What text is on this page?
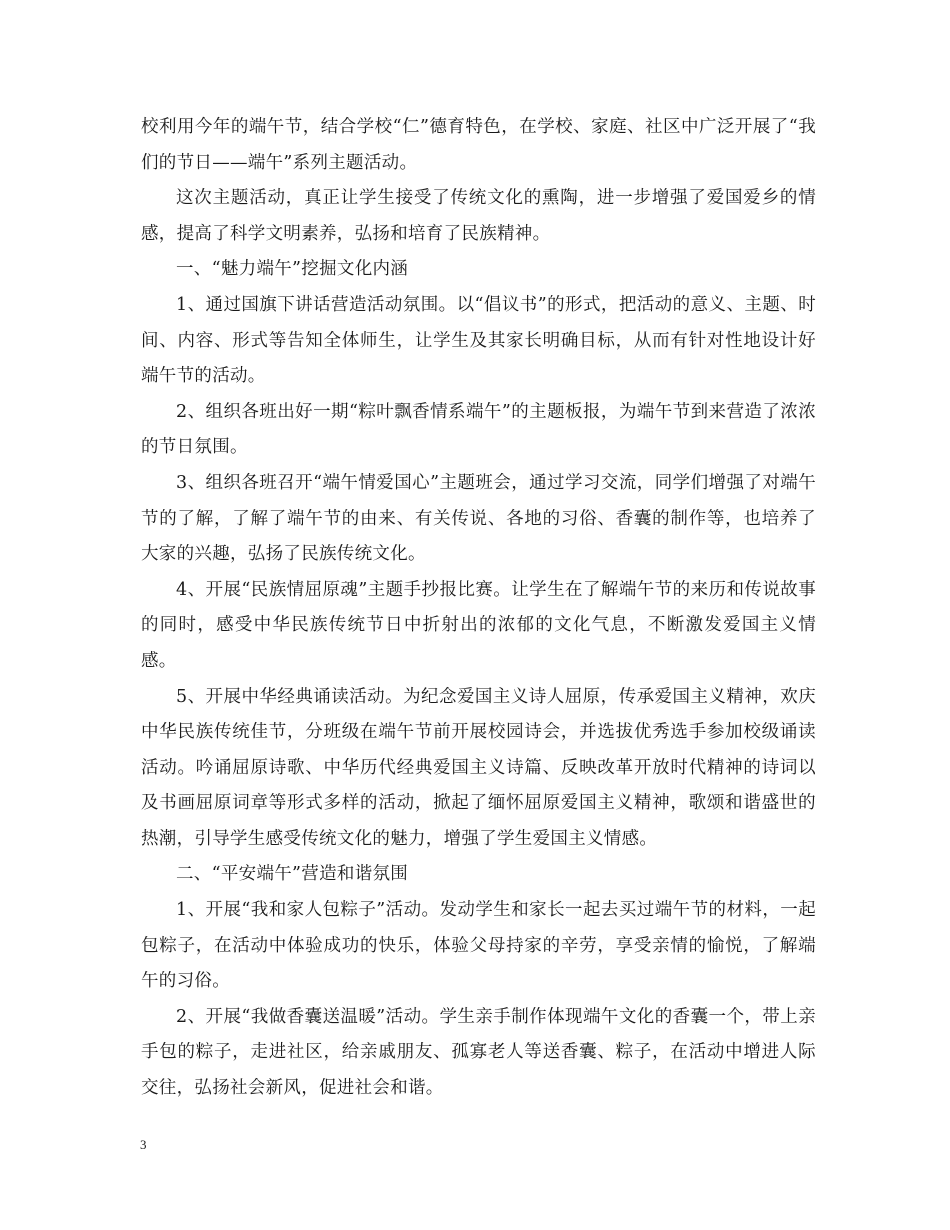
校利用今年的端午节，结合学校“仁”德育特色，在学校、家庭、社区中广泛开展了“我们的节日——端午”系列主题活动。

这次主题活动，真正让学生接受了传统文化的熏陶，进一步增强了爱国爱乡的情感，提高了科学文明素养，弘扬和培育了民族精神。

一、“魅力端午”挖掘文化内涵

1、通过国旗下讲话营造活动氛围。以“倡议书”的形式，把活动的意义、主题、时间、内容、形式等告知全体师生，让学生及其家长明确目标，从而有针对性地设计好端午节的活动。

2、组织各班出好一期“粽叶飘香情系端午”的主题板报，为端午节到来营造了浓浓的节日氛围。

3、组织各班召开“端午情爱国心”主题班会，通过学习交流，同学们增强了对端午节的了解，了解了端午节的由来、有关传说、各地的习俗、香囊的制作等，也培养了大家的兴趣，弘扬了民族传统文化。

4、开展“民族情屈原魂”主题手抄报比赛。让学生在了解端午节的来历和传说故事的同时，感受中华民族传统节日中折射出的浓郁的文化气息，不断激发爱国主义情感。

5、开展中华经典诵读活动。为纪念爱国主义诗人屈原，传承爱国主义精神，欢庆中华民族传统佳节，分班级在端午节前开展校园诗会，并选拔优秀选手参加校级诵读活动。吟诵屈原诗歌、中华历代经典爱国主义诗篇、反映改革开放时代精神的诗词以及书画屈原词章等形式多样的活动，掀起了缅怀屈原爱国主义精神，歌颂和谐盛世的热潮，引导学生感受传统文化的魅力，增强了学生爱国主义情感。

二、“平安端午”营造和谐氛围

1、开展“我和家人包粽子”活动。发动学生和家长一起去买过端午节的材料，一起包粽子，在活动中体验成功的快乐，体验父母持家的辛劳，享受亲情的愉悦，了解端午的习俗。

2、开展“我做香囊送温暖”活动。学生亲手制作体现端午文化的香囊一个，带上亲手包的粽子，走进社区，给亲戚朋友、孤寡老人等送香囊、粽子，在活动中增进人际交往，弘扬社会新风，促进社会和谐。

3
